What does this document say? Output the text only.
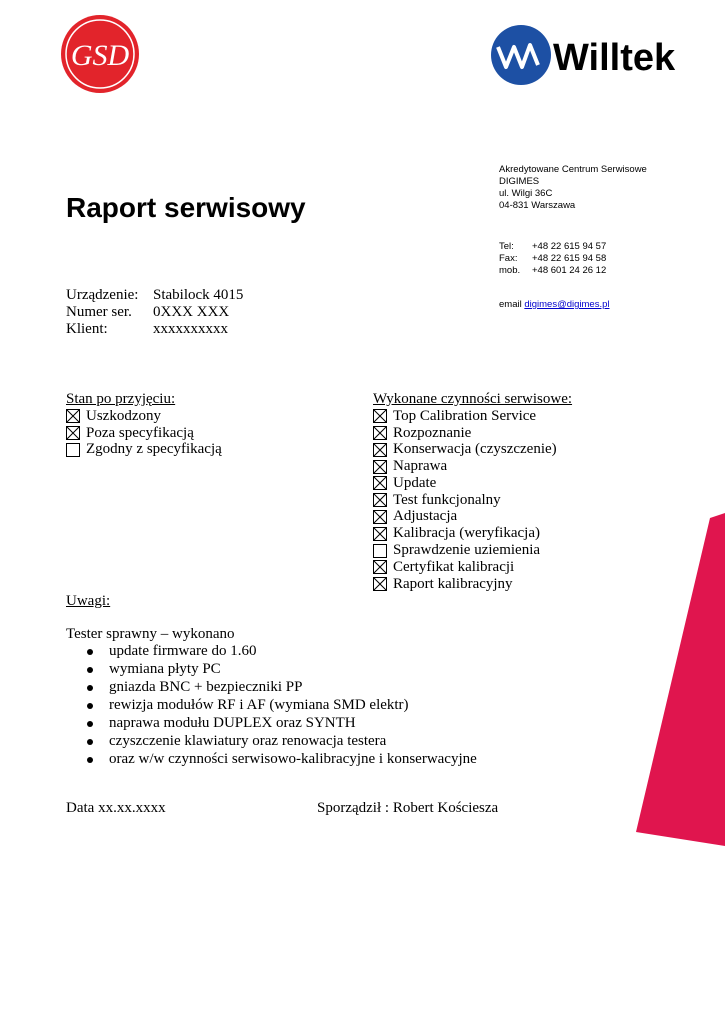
GSD	Willtek
Raport serwisowy
Akredytowane Centrum Serwisowe
DIGIMES
ul. Wilgi 36C
04-831 Warszawa
Tel: +48 22 615 94 57
Fax: +48 22 615 94 58
mob. +48 601 24 26 12
email digimes@digimes.pl
Urządzenie: Stabilock 4015
Numer ser. 0XXX XXX
Klient:	xxxxxxxxxx
Stan po przyjęciu:
Uszkodzony
Poza specyfikacją
Zgodny z specyfikacją
Wykonane czynności serwisowe:
Top Calibration Service
Rozpoznanie
Konserwacja (czyszczenie)
Naprawa
Update
Test funkcjonalny
Adjustacja
Kalibracja (weryfikacja)
Sprawdzenie uziemienia
Certyfikat kalibracji
Raport kalibracyjny
Uwagi:
Tester sprawny – wykonano
update firmware do 1.60
wymiana płyty PC
gniazda BNC + bezpieczniki PP
rewizja modułów RF i AF (wymiana SMD elektr)
naprawa modułu DUPLEX oraz SYNTH
czyszczenie klawiatury oraz renowacja testera
oraz w/w czynności serwisowo-kalibracyjne i konserwacyjne
Data xx.xx.xxxx	Sporządził : Robert Kościesza
